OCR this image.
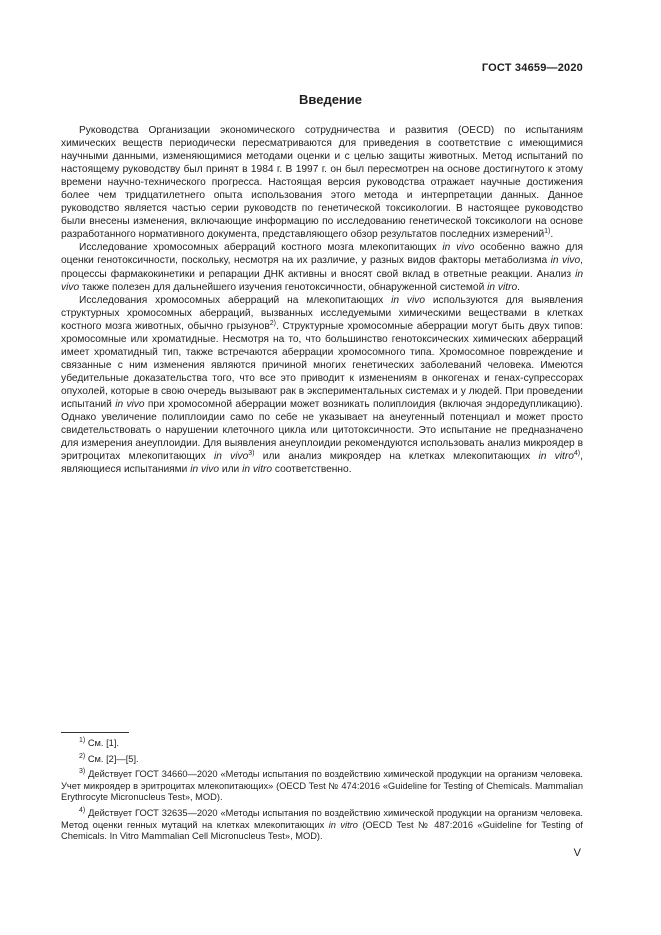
ГОСТ 34659—2020
Введение

Руководства Организации экономического сотрудничества и развития (OECD) по испытаниям химических веществ периодически пересматриваются для приведения в соответствие с имеющимися научными данными, изменяющимися методами оценки и с целью защиты животных. Метод испытаний по настоящему руководству был принят в 1984 г. В 1997 г. он был пересмотрен на основе достигнутого к этому времени научно-технического прогресса. Настоящая версия руководства отражает научные достижения более чем тридцатилетнего опыта использования этого метода и интерпретации данных. Данное руководство является частью серии руководств по генетической токсикологии. В настоящее руководство были внесены изменения, включающие информацию по исследованию генетической токсикологи на основе разработанного нормативного документа, представляющего обзор результатов последних измерений$^{1)}$.

Исследование хромосомных аберраций костного мозга млекопитающих in vivo особенно важно для оценки генотоксичности, поскольку, несмотря на их различие, у разных видов факторы метаболизма in vivo, процессы фармакокинетики и репарации ДНК активны и вносят свой вклад в ответные реакции. Анализ in vivo также полезен для дальнейшего изучения генотоксичности, обнаруженной системой in vitro.

Исследования хромосомных аберраций на млекопитающих in vivo используются для выявления структурных хромосомных аберраций, вызванных исследуемыми химическими веществами в клетках костного мозга животных, обычно грызунов$^{2)}$. Структурные хромосомные аберрации могут быть двух типов: хромосомные или хроматидные. Несмотря на то, что большинство генотоксических химических аберраций имеет хроматидный тип, также встречаются аберрации хромосомного типа. Хромосомное повреждение и связанные с ним изменения являются причиной многих генетических заболеваний человека. Имеются убедительные доказательства того, что все это приводит к изменениям в онкогенах и генах-супрессорах опухолей, которые в свою очередь вызывают рак в экспериментальных системах и у людей. При проведении испытаний in vivo при хромосомной аберрации может возникать полиплоидия (включая эндоредупликацию). Однако увеличение полиплоидии само по себе не указывает на анеугенный потенциал и может просто свидетельствовать о нарушении клеточного цикла или цитотоксичности. Это испытание не предназначено для измерения анеуплоидии. Для выявления анеуплоидии рекомендуются использовать анализ микроядер в эритроцитах млекопитающих in vivo$^{3)}$ или анализ микроядер на клетках млекопитающих in vitro$^{4)}$, являющиеся испытаниями in vivo или in vitro соответственно.

$^{1)}$ См. [1].

$^{2)}$ См. [2]—[5].

$^{3)}$ Действует ГОСТ 34660—2020 «Методы испытания по воздействию химической продукции на организм человека. Учет микроядер в эритроцитах млекопитающих» (OECD Test № 474:2016 «Guideline for Testing of Chemicals. Mammalian Erythrocyte Micronucleus Test», MOD).

$^{4)}$ Действует ГОСТ 32635—2020 «Методы испытания по воздействию химической продукции на организм человека. Метод оценки генных мутаций на клетках млекопитающих in vitro (OECD Test № 487:2016 «Guideline for Testing of Chemicals. In Vitro Mammalian Cell Micronucleus Test», MOD).

V
